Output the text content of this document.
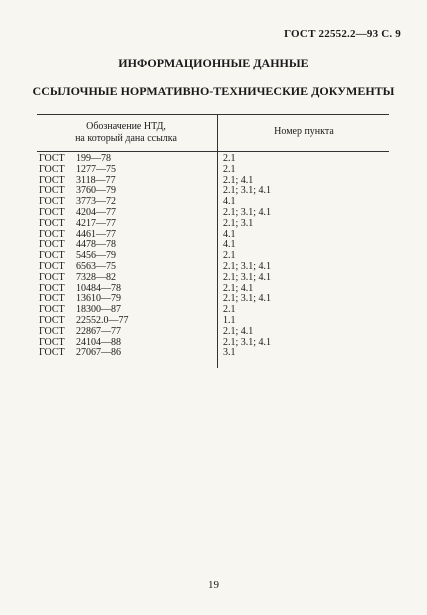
ГОСТ 22552.2—93 С. 9
ИНФОРМАЦИОННЫЕ ДАННЫЕ
ССЫЛОЧНЫЕ НОРМАТИВНО-ТЕХНИЧЕСКИЕ ДОКУМЕНТЫ
Обозначение НТД,
на который дана ссылка
Номер пункта
ГОСТ 199—78	2.1
ГОСТ 1277—75	2.1
ГОСТ 3118—77	2.1; 4.1
ГОСТ 3760—79	2.1; 3.1; 4.1
ГОСТ 3773—72	4.1
ГОСТ 4204—77	2.1; 3.1; 4.1
ГОСТ 4217—77	2.1; 3.1
ГОСТ 4461—77	4.1
ГОСТ 4478—78	4.1
ГОСТ 5456—79	2.1
ГОСТ 6563—75	2.1; 3.1; 4.1
ГОСТ 7328—82	2.1; 3.1; 4.1
ГОСТ 10484—78	2.1; 4.1
ГОСТ 13610—79	2.1; 3.1; 4.1
ГОСТ 18300—87	2.1
ГОСТ 22552.0—77	1.1
ГОСТ 22867—77	2.1; 4.1
ГОСТ 24104—88	2.1; 3.1; 4.1
ГОСТ 27067—86	3.1
19
